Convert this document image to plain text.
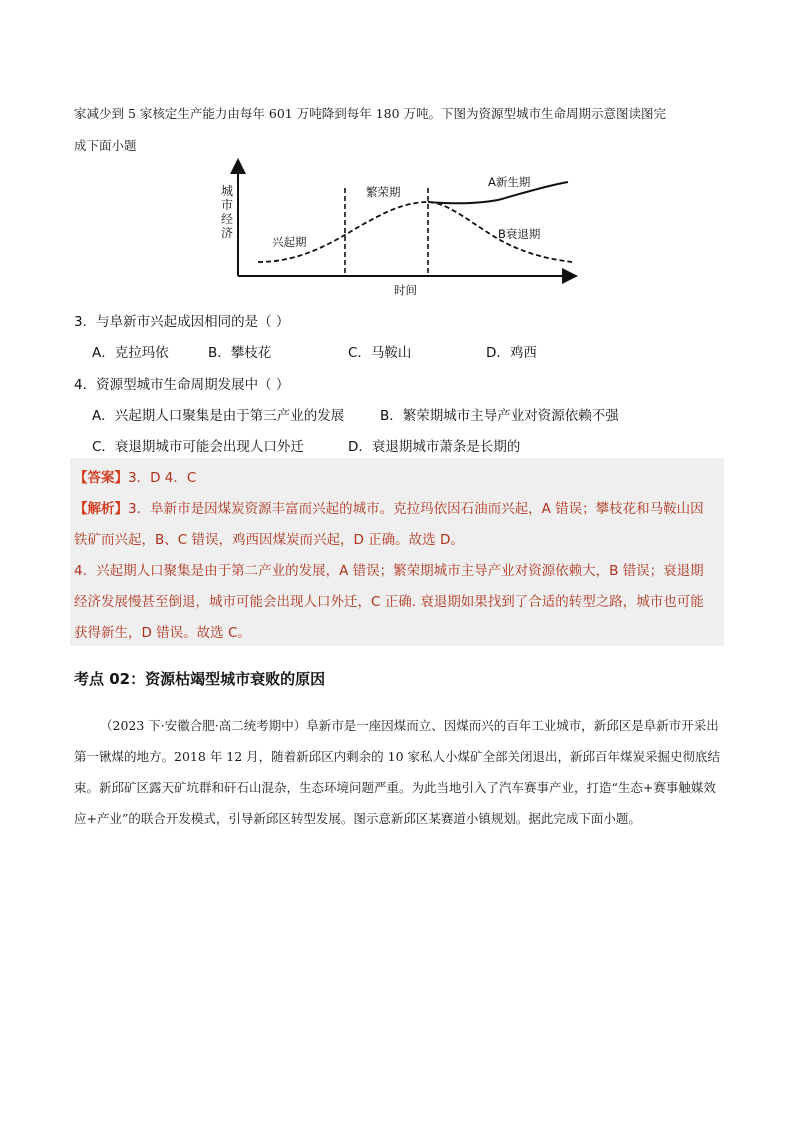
家减少到 5 家核定生产能力由每年 601 万吨降到每年 180 万吨。下图为资源型城市生命周期示意图读图完
成下面小题
城市经济
兴起期
繁荣期
A新生期
B衰退期
时间
3．与阜新市兴起成因相同的是（ ）
A．克拉玛依	B．攀枝花	C．马鞍山	D．鸡西
4．资源型城市生命周期发展中（ ）
A．兴起期人口聚集是由于第三产业的发展	B．繁荣期城市主导产业对资源依赖不强
C．衰退期城市可能会出现人口外迁	D．衰退期城市萧条是长期的
【答案】3．D 4．C
【解析】3．阜新市是因煤炭资源丰富而兴起的城市。克拉玛依因石油而兴起，A 错误；攀枝花和马鞍山因
铁矿而兴起，B、C 错误，鸡西因煤炭而兴起，D 正确。故选 D。
4．兴起期人口聚集是由于第二产业的发展，A 错误；繁荣期城市主导产业对资源依赖大，B 错误；衰退期
经济发展慢甚至倒退，城市可能会出现人口外迁，C 正确. 衰退期如果找到了合适的转型之路，城市也可能
获得新生，D 错误。故选 C。
考点 02：资源枯竭型城市衰败的原因
（2023 下·安徽合肥·高二统考期中）阜新市是一座因煤而立、因煤而兴的百年工业城市，新邱区是阜新市开采出第一锹煤的地方。2018 年 12 月，随着新邱区内剩余的 10 家私人小煤矿全部关闭退出，新邱百年煤炭采掘史彻底结束。新邱矿区露天矿坑群和矸石山混杂，生态环境问题严重。为此当地引入了汽车赛事产业，打造“生态+赛事触媒效应+产业”的联合开发模式，引导新邱区转型发展。图示意新邱区某赛道小镇规划。据此完成下面小题。
